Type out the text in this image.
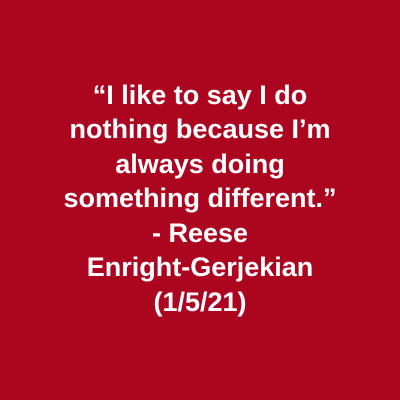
“I like to say I do
nothing because I’m
always doing
something different.”
- Reese
Enright-Gerjekian
(1/5/21)
